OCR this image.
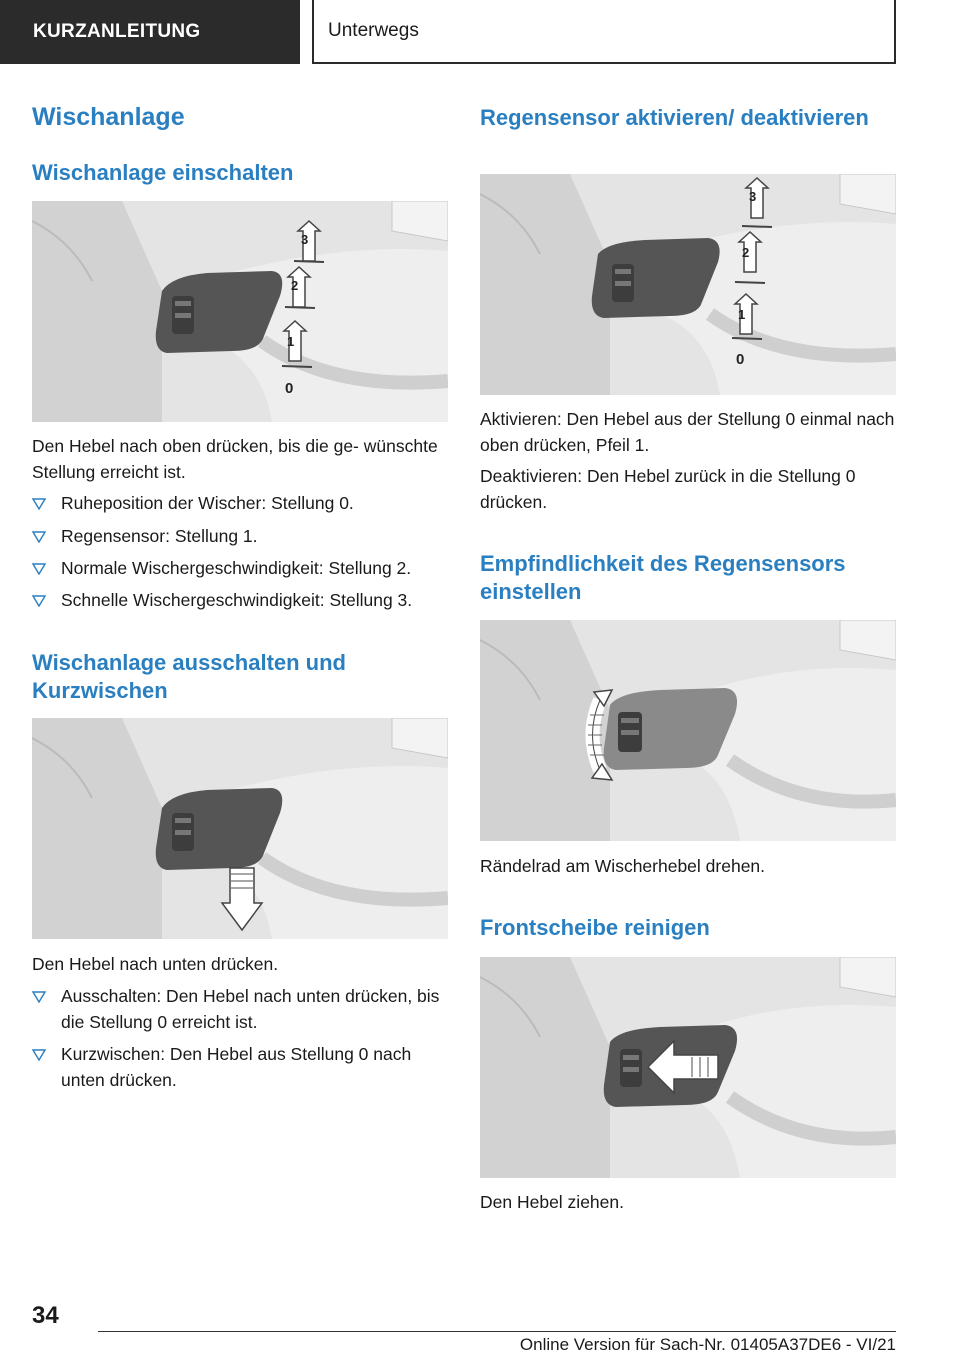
KURZANLEITUNG	Unterwegs
Wischanlage
Wischanlage einschalten
3
2
1
0

Den Hebel nach oben drücken, bis die ge‐ wünschte Stellung erreicht ist.

Ruheposition der Wischer: Stellung 0.
Regensensor: Stellung 1.
Normale Wischergeschwindigkeit: Stellung 2.
Schnelle Wischergeschwindigkeit: Stellung 3.
Wischanlage ausschalten und Kurzwischen

Den Hebel nach unten drücken.

Ausschalten: Den Hebel nach unten drücken, bis die Stellung 0 erreicht ist.
Kurzwischen: Den Hebel aus Stellung 0 nach unten drücken.
Regensensor aktivieren/ deaktivieren
3
2
1
0

Aktivieren: Den Hebel aus der Stellung 0 einmal nach oben drücken, Pfeil 1.

Deaktivieren: Den Hebel zurück in die Stellung 0 drücken.

Empfindlichkeit des Regensensors einstellen

Rändelrad am Wischerhebel drehen.

Frontscheibe reinigen

Den Hebel ziehen.

34
Online Version für Sach-Nr. 01405A37DE6 - VI/21
